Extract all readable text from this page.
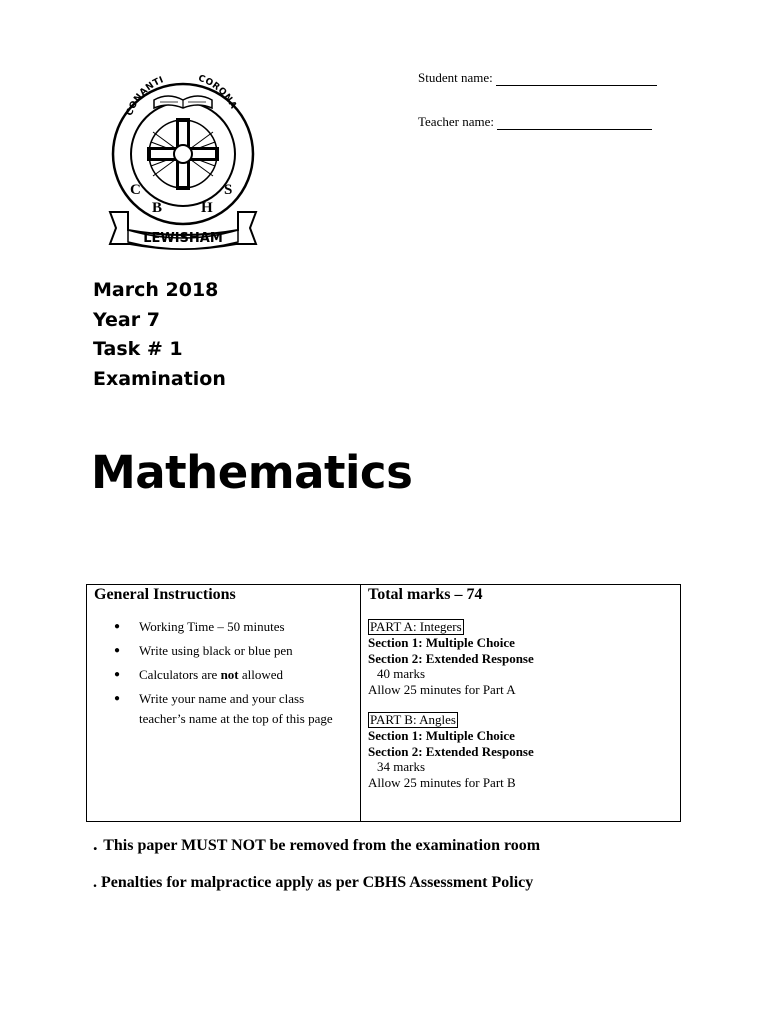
CONANTI	CORONA
C
B	H
S
LEWISHAM
Student name:
Teacher name:
March 2018
Year 7
Task # 1
Examination
Mathematics
General Instructions
● Working Time – 50 minutes
● Write using black or blue pen
● Calculators are not allowed
● Write your name and your class
teacher’s name at the top of this page
Total marks – 74
PART A: Integers
Section 1: Multiple Choice
Section 2: Extended Response
40 marks
Allow 25 minutes for Part A
PART B: Angles
Section 1: Multiple Choice
Section 2: Extended Response
34 marks
Allow 25 minutes for Part B
. This paper MUST NOT be removed from the examination room
. Penalties for malpractice apply as per CBHS Assessment Policy
